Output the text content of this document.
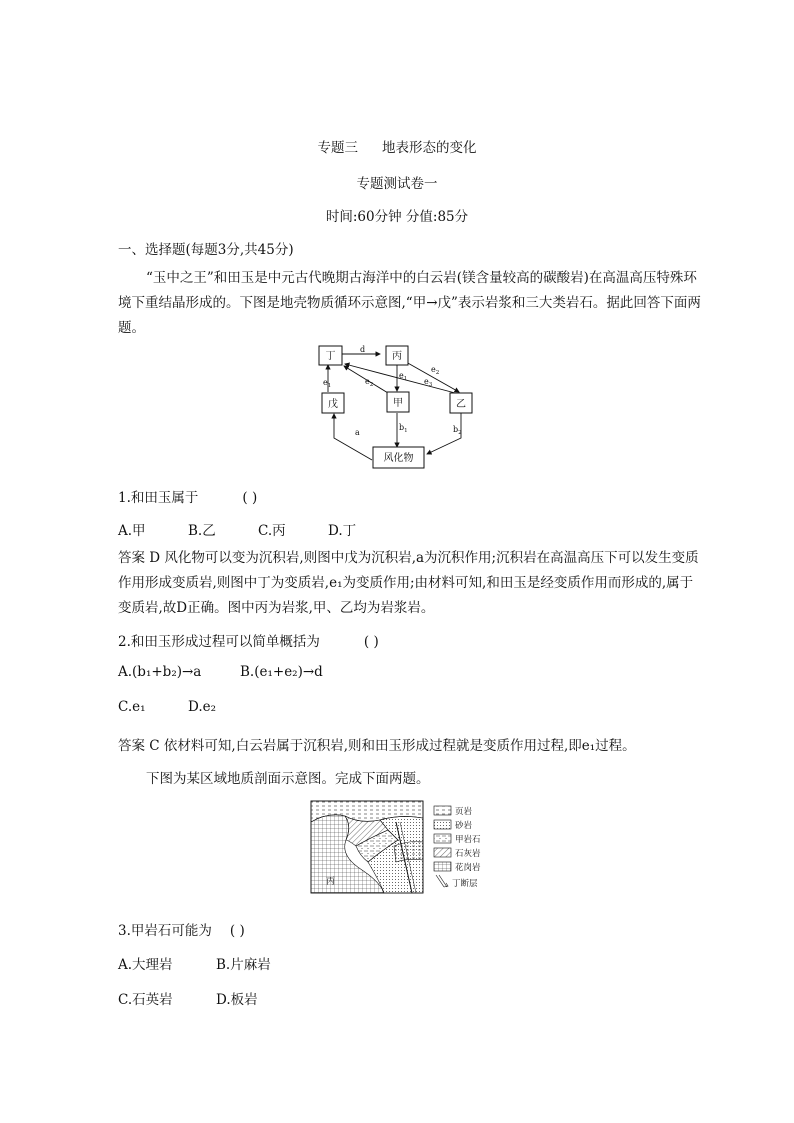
专题三 地表形态的变化
专题测试卷一
时间:60分钟 分值:85分
一、选择题(每题3分,共45分)
“玉中之王”和田玉是中元古代晚期古海洋中的白云岩(镁含量较高的碳酸岩)在高温高压特殊环境下重结晶形成的。下图是地壳物质循环示意图,“甲→戊”表示岩浆和三大类岩石。据此回答下面两题。
丁	丙
戊	甲	乙
风化物
d
$e_1$	$e_2$
$e_1$ $e_3$
$e_2$
a
$b_1$	$b_2$
1.和田玉属于	( )
A.甲	B.乙	C.丙	D.丁
答案 D 风化物可以变为沉积岩,则图中戊为沉积岩,a为沉积作用;沉积岩在高温高压下可以发生变质作用形成变质岩,则图中丁为变质岩,e₁为变质作用;由材料可知,和田玉是经变质作用而形成的,属于变质岩,故D正确。图中丙为岩浆,甲、乙均为岩浆岩。
2.和田玉形成过程可以简单概括为	( )
A.(b₁+b₂)→a	B.(e₁+e₂)→d
C.e₁	D.e₂
答案 C 依材料可知,白云岩属于沉积岩,则和田玉形成过程就是变质作用过程,即e₁过程。
下图为某区域地质剖面示意图。完成下面两题。
丙
页岩
砂岩
甲岩石
石灰岩
花岗岩
丁断层
3.甲岩石可能为 ( )
A.大理岩	B.片麻岩
C.石英岩	D.板岩
